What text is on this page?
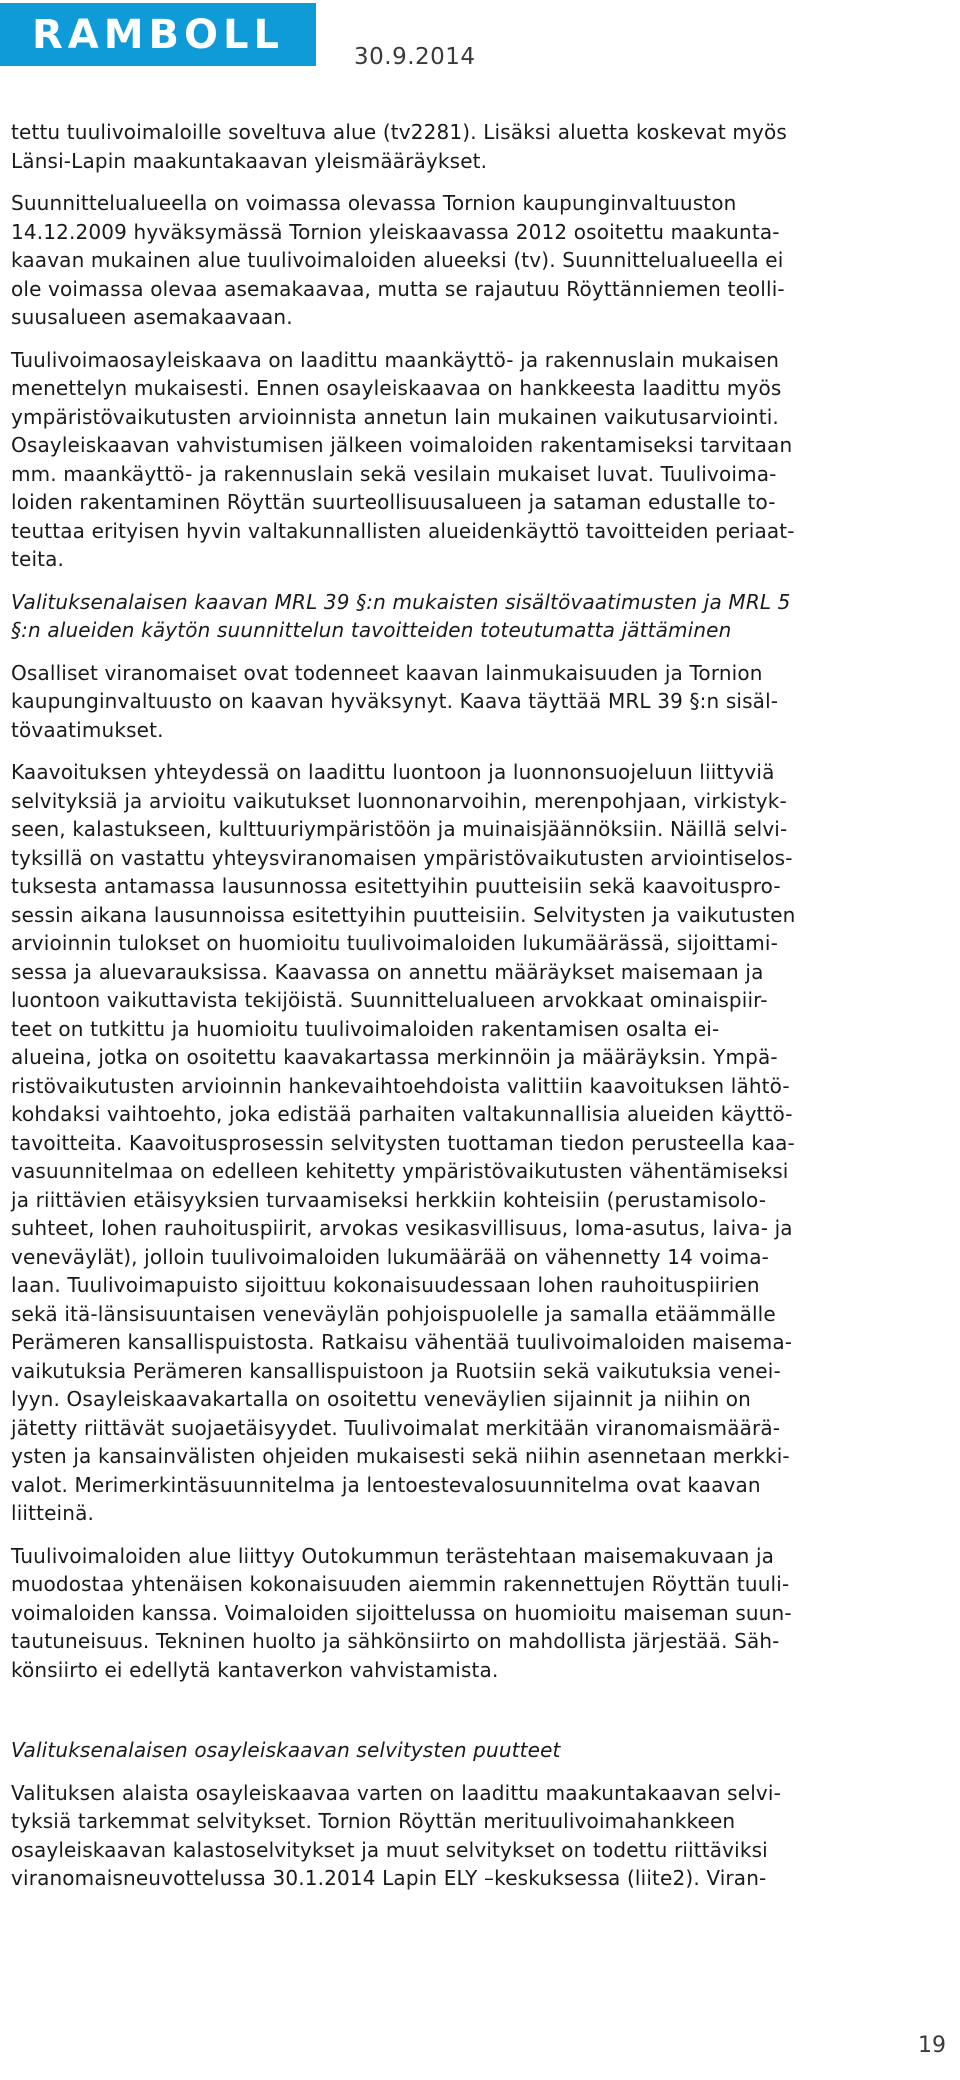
RAMBOLL	30.9.2014

tettu tuulivoimaloille soveltuva alue (tv2281). Lisäksi aluetta koskevat myös
Länsi-Lapin maakuntakaavan yleismääräykset.

Suunnittelualueella on voimassa olevassa Tornion kaupunginvaltuuston
14.12.2009 hyväksymässä Tornion yleiskaavassa 2012 osoitettu maakunta-
kaavan mukainen alue tuulivoimaloiden alueeksi (tv). Suunnittelualueella ei
ole voimassa olevaa asemakaavaa, mutta se rajautuu Röyttänniemen teolli-
suusalueen asemakaavaan.

Tuulivoimaosayleiskaava on laadittu maankäyttö- ja rakennuslain mukaisen
menettelyn mukaisesti. Ennen osayleiskaavaa on hankkeesta laadittu myös
ympäristövaikutusten arvioinnista annetun lain mukainen vaikutusarviointi.
Osayleiskaavan vahvistumisen jälkeen voimaloiden rakentamiseksi tarvitaan
mm. maankäyttö- ja rakennuslain sekä vesilain mukaiset luvat. Tuulivoima-
loiden rakentaminen Röyttän suurteollisuusalueen ja sataman edustalle to-
teuttaa erityisen hyvin valtakunnallisten alueidenkäyttö tavoitteiden periaat-
teita.

Valituksenalaisen kaavan MRL 39 §:n mukaisten sisältövaatimusten ja MRL 5
§:n alueiden käytön suunnittelun tavoitteiden toteutumatta jättäminen

Osalliset viranomaiset ovat todenneet kaavan lainmukaisuuden ja Tornion
kaupunginvaltuusto on kaavan hyväksynyt. Kaava täyttää MRL 39 §:n sisäl-
tövaatimukset.

Kaavoituksen yhteydessä on laadittu luontoon ja luonnonsuojeluun liittyviä
selvityksiä ja arvioitu vaikutukset luonnonarvoihin, merenpohjaan, virkistyk-
seen, kalastukseen, kulttuuriympäristöön ja muinaisjäännöksiin. Näillä selvi-
tyksillä on vastattu yhteysviranomaisen ympäristövaikutusten arviointiselos-
tuksesta antamassa lausunnossa esitettyihin puutteisiin sekä kaavoituspro-
sessin aikana lausunnoissa esitettyihin puutteisiin. Selvitysten ja vaikutusten
arvioinnin tulokset on huomioitu tuulivoimaloiden lukumäärässä, sijoittami-
sessa ja aluevarauksissa. Kaavassa on annettu määräykset maisemaan ja
luontoon vaikuttavista tekijöistä. Suunnittelualueen arvokkaat ominaispiir-
teet on tutkittu ja huomioitu tuulivoimaloiden rakentamisen osalta ei-
alueina, jotka on osoitettu kaavakartassa merkinnöin ja määräyksin. Ympä-
ristövaikutusten arvioinnin hankevaihtoehdoista valittiin kaavoituksen lähtö-
kohdaksi vaihtoehto, joka edistää parhaiten valtakunnallisia alueiden käyttö-
tavoitteita. Kaavoitusprosessin selvitysten tuottaman tiedon perusteella kaa-
vasuunnitelmaa on edelleen kehitetty ympäristövaikutusten vähentämiseksi
ja riittävien etäisyyksien turvaamiseksi herkkiin kohteisiin (perustamisolo-
suhteet, lohen rauhoituspiirit, arvokas vesikasvillisuus, loma-asutus, laiva- ja
veneväylät), jolloin tuulivoimaloiden lukumäärää on vähennetty 14 voima-
laan. Tuulivoimapuisto sijoittuu kokonaisuudessaan lohen rauhoituspiirien
sekä itä-länsisuuntaisen veneväylän pohjoispuolelle ja samalla etäämmälle
Perämeren kansallispuistosta. Ratkaisu vähentää tuulivoimaloiden maisema-
vaikutuksia Perämeren kansallispuistoon ja Ruotsiin sekä vaikutuksia venei-
lyyn. Osayleiskaavakartalla on osoitettu veneväylien sijainnit ja niihin on
jätetty riittävät suojaetäisyydet. Tuulivoimalat merkitään viranomaismäärä-
ysten ja kansainvälisten ohjeiden mukaisesti sekä niihin asennetaan merkki-
valot. Merimerkintäsuunnitelma ja lentoestevalosuunnitelma ovat kaavan
liitteinä.

Tuulivoimaloiden alue liittyy Outokummun terästehtaan maisemakuvaan ja
muodostaa yhtenäisen kokonaisuuden aiemmin rakennettujen Röyttän tuuli-
voimaloiden kanssa. Voimaloiden sijoittelussa on huomioitu maiseman suun-
tautuneisuus. Tekninen huolto ja sähkönsiirto on mahdollista järjestää. Säh-
könsiirto ei edellytä kantaverkon vahvistamista.

Valituksenalaisen osayleiskaavan selvitysten puutteet

Valituksen alaista osayleiskaavaa varten on laadittu maakuntakaavan selvi-
tyksiä tarkemmat selvitykset. Tornion Röyttän merituulivoimahankkeen
osayleiskaavan kalastoselvitykset ja muut selvitykset on todettu riittäviksi
viranomaisneuvottelussa 30.1.2014 Lapin ELY –keskuksessa (liite2). Viran-

19
